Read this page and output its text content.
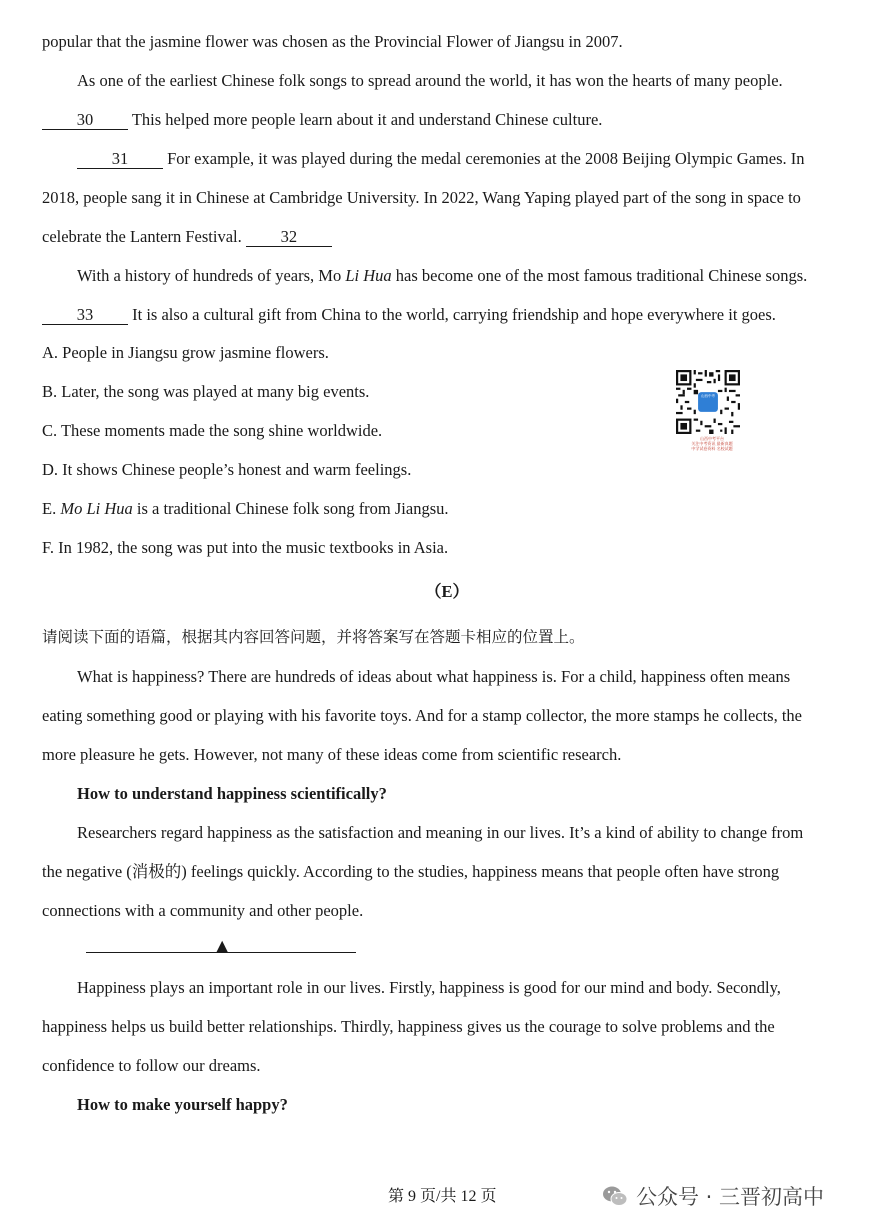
popular that the jasmine flower was chosen as the Provincial Flower of Jiangsu in 2007.
As one of the earliest Chinese folk songs to spread around the world, it has won the hearts of many people.
30 This helped more people learn about it and understand Chinese culture.
31 For example, it was played during the medal ceremonies at the 2008 Beijing Olympic Games. In
2018, people sang it in Chinese at Cambridge University. In 2022, Wang Yaping played part of the song in space to
celebrate the Lantern Festival. 32
With a history of hundreds of years, Mo Li Hua has become one of the most famous traditional Chinese songs.
33 It is also a cultural gift from China to the world, carrying friendship and hope everywhere it goes.
A. People in Jiangsu grow jasmine flowers.
B. Later, the song was played at many big events.
C. These moments made the song shine worldwide.
D. It shows Chinese people’s honest and warm feelings.
E. Mo Li Hua is a traditional Chinese folk song from Jiangsu.
F. In 1982, the song was put into the music textbooks in Asia.
山西中考
山西中考平台
关注中考资讯 最新真题
中学试卷资料 名校试题
（E）
请阅读下面的语篇，根据其内容回答问题，并将答案写在答题卡相应的位置上。
What is happiness? There are hundreds of ideas about what happiness is. For a child, happiness often means
eating something good or playing with his favorite toys. And for a stamp collector, the more stamps he collects, the
more pleasure he gets. However, not many of these ideas come from scientific research.
How to understand happiness scientifically?
Researchers regard happiness as the satisfaction and meaning in our lives. It’s a kind of ability to change from
the negative (消极的) feelings quickly. According to the studies, happiness means that people often have strong
connections with a community and other people.
▲
Happiness plays an important role in our lives. Firstly, happiness is good for our mind and body. Secondly,
happiness helps us build better relationships. Thirdly, happiness gives us the courage to solve problems and the
confidence to follow our dreams.
How to make yourself happy?
第 9 页/共 12 页	公众号 · 三晋初高中
